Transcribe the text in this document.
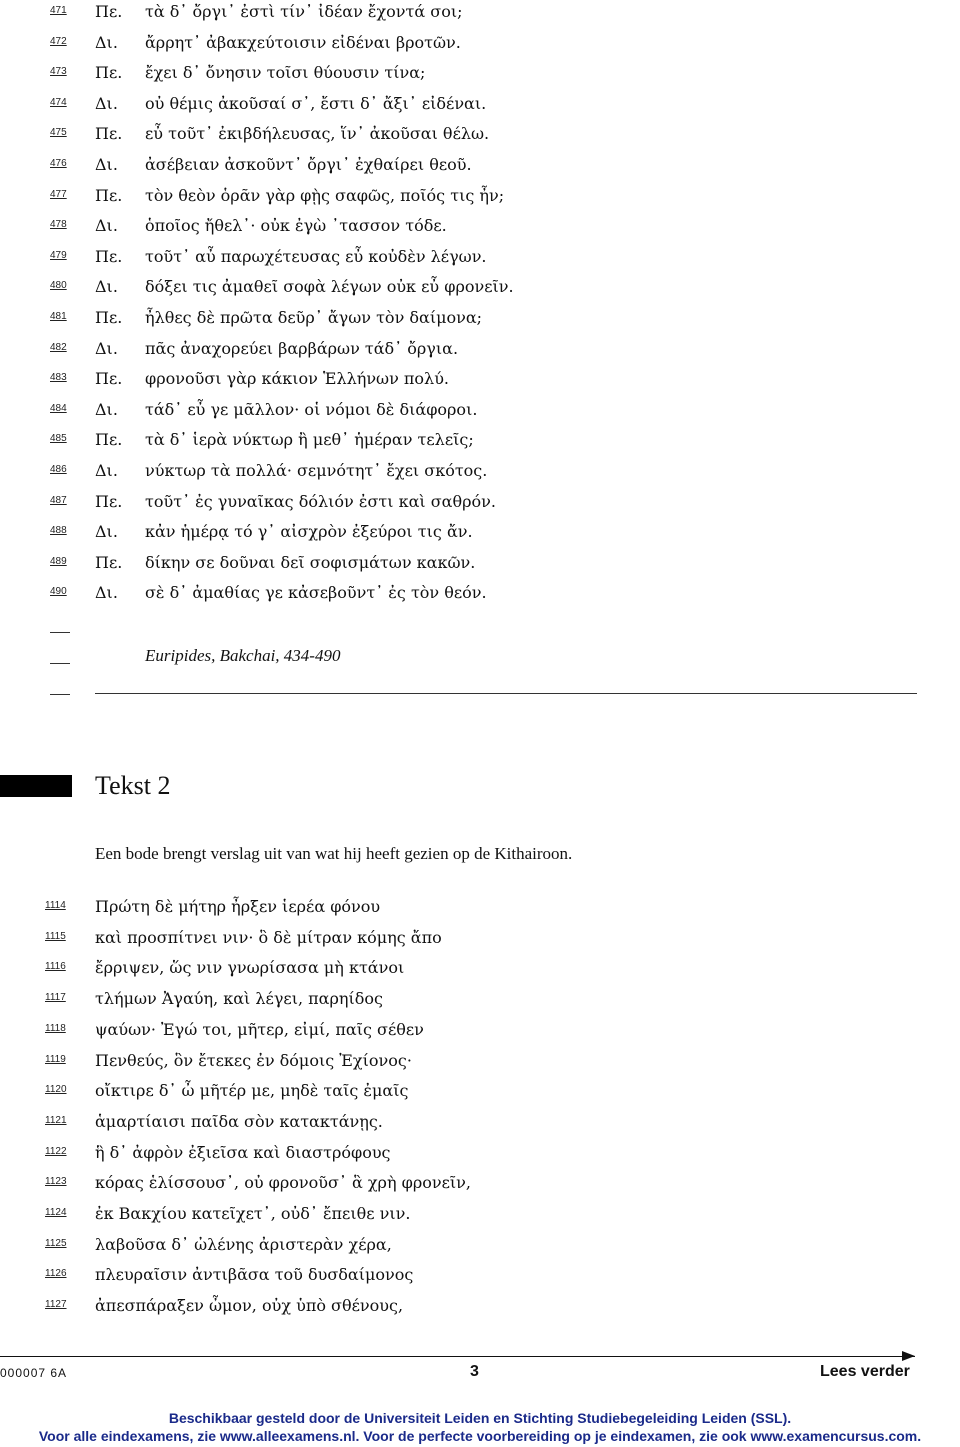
471 Πε. τὰ δ᾽ ὄργι᾽ ἐστὶ τίν᾽ ἰδέαν ἔχοντά σοι;
472 Δι. ἄρρητ᾽ ἀβακχεύτοισιν εἰδέναι βροτῶν.
473 Πε. ἔχει δ᾽ ὄνησιν τοῖσι θύουσιν τίνα;
474 Δι. οὐ θέμις ἀκοῦσαί σ᾽, ἔστι δ᾽ ἄξι᾽ εἰδέναι.
475 Πε. εὖ τοῦτ᾽ ἐκιβδήλευσας, ἵν᾽ ἀκοῦσαι θέλω.
476 Δι. ἀσέβειαν ἀσκοῦντ᾽ ὄργι᾽ ἐχθαίρει θεοῦ.
477 Πε. τὸν θεὸν ὁρᾶν γὰρ φῂς σαφῶς, ποῖός τις ἦν;
478 Δι. ὁποῖος ἤθελ᾽· οὐκ ἐγὼ ᾽τασσον τόδε.
479 Πε. τοῦτ᾽ αὖ παρωχέτευσας εὖ κοὐδὲν λέγων.
480 Δι. δόξει τις ἀμαθεῖ σοφὰ λέγων οὐκ εὖ φρονεῖν.
481 Πε. ἦλθες δὲ πρῶτα δεῦρ᾽ ἄγων τὸν δαίμονα;
482 Δι. πᾶς ἀναχορεύει βαρβάρων τάδ᾽ ὄργια.
483 Πε. φρονοῦσι γὰρ κάκιον Ἑλλήνων πολύ.
484 Δι. τάδ᾽ εὖ γε μᾶλλον· οἱ νόμοι δὲ διάφοροι.
485 Πε. τὰ δ᾽ ἱερὰ νύκτωρ ἢ μεθ᾽ ἡμέραν τελεῖς;
486 Δι. νύκτωρ τὰ πολλά· σεμνότητ᾽ ἔχει σκότος.
487 Πε. τοῦτ᾽ ἐς γυναῖκας δόλιόν ἐστι καὶ σαθρόν.
488 Δι. κἀν ἡμέρᾳ τό γ᾽ αἰσχρὸν ἐξεύροι τις ἄν.
489 Πε. δίκην σε δοῦναι δεῖ σοφισμάτων κακῶν.
490 Δι. σὲ δ᾽ ἀμαθίας γε κἀσεβοῦντ᾽ ἐς τὸν θεόν.
Euripides, Bakchai, 434-490
Tekst 2
Een bode brengt verslag uit van wat hij heeft gezien op de Kithairoon.
1114 Πρώτη δὲ μήτηρ ἦρξεν ἱερέα φόνου
1115 καὶ προσπίτνει νιν· ὃ δὲ μίτραν κόμης ἄπο
1116 ἔρριψεν, ὥς νιν γνωρίσασα μὴ κτάνοι
1117 τλήμων Ἀγαύη, καὶ λέγει, παρηίδος
1118 ψαύων· Ἐγώ τοι, μῆτερ, εἰμί, παῖς σέθεν
1119 Πενθεύς, ὃν ἔτεκες ἐν δόμοις Ἐχίονος·
1120 οἴκτιρε δ᾽ ὦ μῆτέρ με, μηδὲ ταῖς ἐμαῖς
1121 ἁμαρτίαισι παῖδα σὸν κατακτάνῃς.
1122 ἣ δ᾽ ἀφρὸν ἐξιεῖσα καὶ διαστρόφους
1123 κόρας ἑλίσσουσ᾽, οὐ φρονοῦσ᾽ ἃ χρὴ φρονεῖν,
1124 ἐκ Βακχίου κατεῖχετ᾽, οὐδ᾽ ἔπειθε νιν.
1125 λαβοῦσα δ᾽ ὠλένης ἀριστερὰν χέρα,
1126 πλευραῖσιν ἀντιβᾶσα τοῦ δυσδαίμονος
1127 ἀπεσπάραξεν ὦμον, οὐχ ὑπὸ σθένους,
000007 6A	3	Lees verder
Beschikbaar gesteld door de Universiteit Leiden en Stichting Studiebegeleiding Leiden (SSL).
Voor alle eindexamens, zie www.alleexamens.nl. Voor de perfecte voorbereiding op je eindexamen, zie ook www.examencursus.com.
